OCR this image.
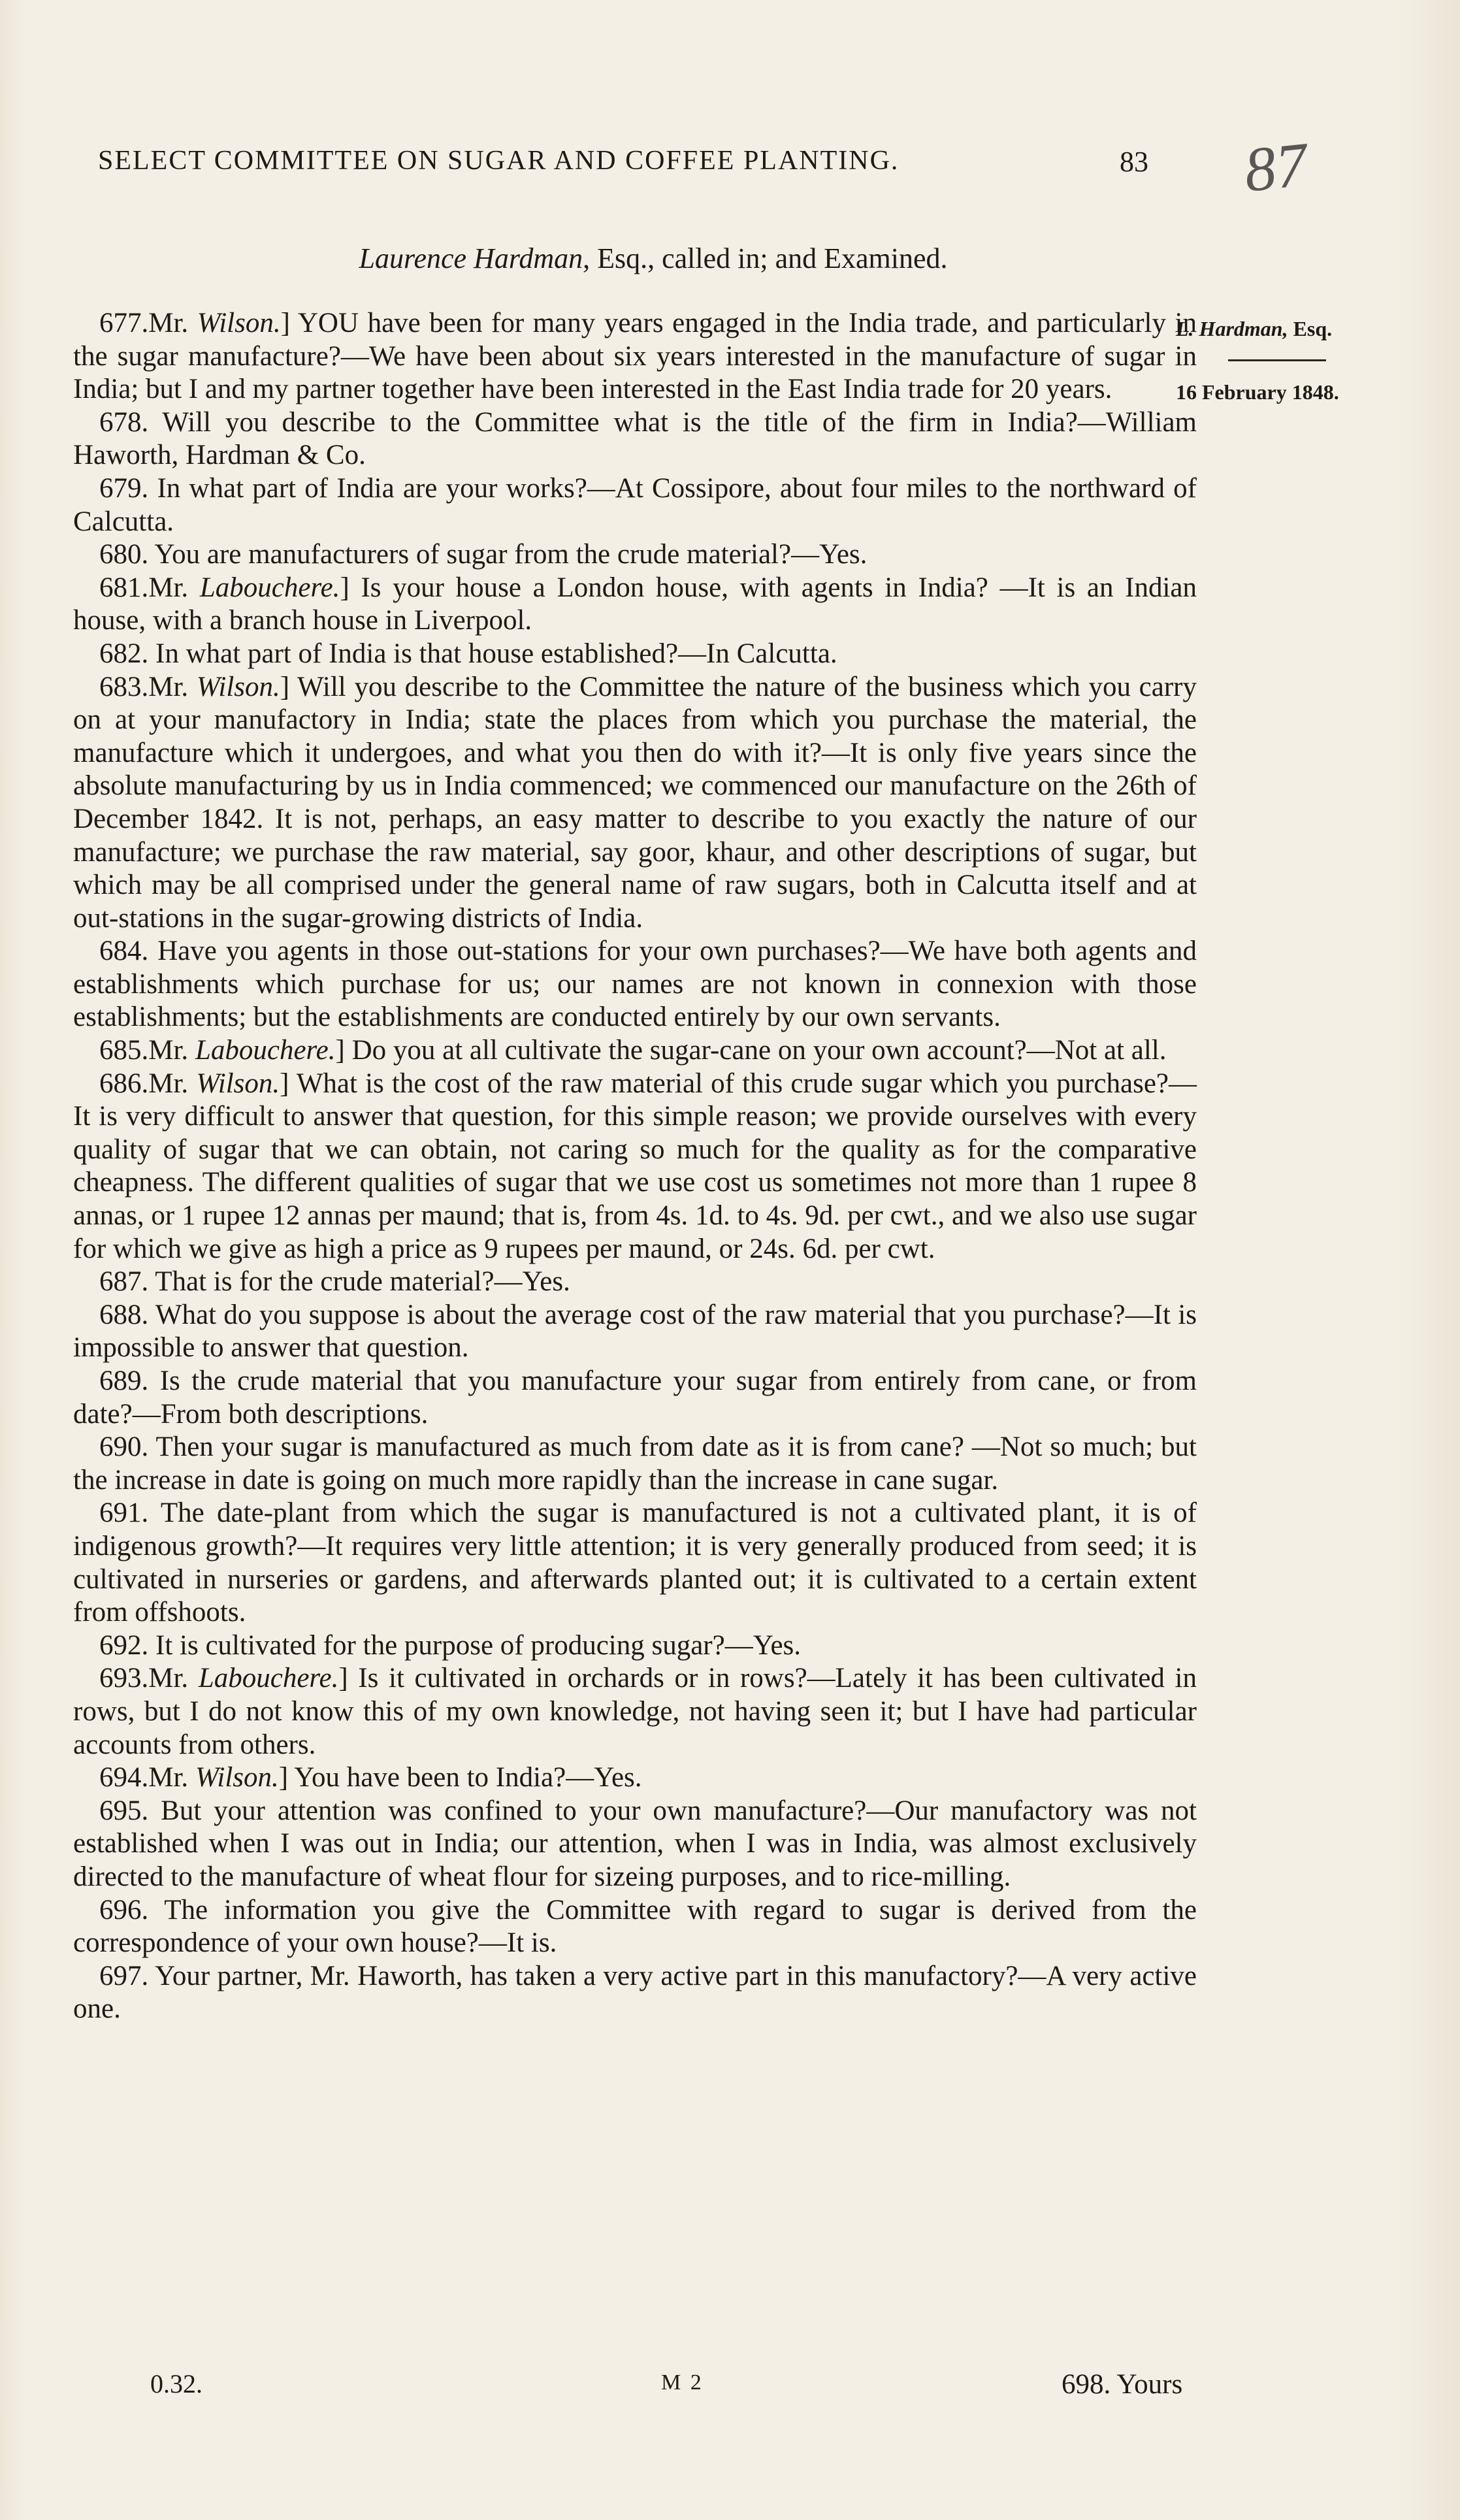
SELECT COMMITTEE ON SUGAR AND COFFEE PLANTING.	83 87
Laurence Hardman, Esq., called in; and Examined.
L. Hardman, Esq.
16 February 1848.

677.Mr. Wilson.] YOU have been for many years engaged in the India trade, and particularly in the sugar manufacture?—We have been about six years interested in the manufacture of sugar in India; but I and my partner together have been interested in the East India trade for 20 years.

678. Will you describe to the Committee what is the title of the firm in India?—William Haworth, Hardman & Co.

679. In what part of India are your works?—At Cossipore, about four miles to the northward of Calcutta.

680. You are manufacturers of sugar from the crude material?—Yes.

681.Mr. Labouchere.] Is your house a London house, with agents in India? —It is an Indian house, with a branch house in Liverpool.

682. In what part of India is that house established?—In Calcutta.

683.Mr. Wilson.] Will you describe to the Committee the nature of the business which you carry on at your manufactory in India; state the places from which you purchase the material, the manufacture which it undergoes, and what you then do with it?—It is only five years since the absolute manufacturing by us in India commenced; we commenced our manufacture on the 26th of December 1842. It is not, perhaps, an easy matter to describe to you exactly the nature of our manufacture; we purchase the raw material, say goor, khaur, and other descriptions of sugar, but which may be all comprised under the general name of raw sugars, both in Calcutta itself and at out-stations in the sugar-growing districts of India.

684. Have you agents in those out-stations for your own purchases?—We have both agents and establishments which purchase for us; our names are not known in connexion with those establishments; but the establishments are conducted entirely by our own servants.

685.Mr. Labouchere.] Do you at all cultivate the sugar-cane on your own account?—Not at all.

686.Mr. Wilson.] What is the cost of the raw material of this crude sugar which you purchase?—It is very difficult to answer that question, for this simple reason; we provide ourselves with every quality of sugar that we can obtain, not caring so much for the quality as for the comparative cheapness. The different qualities of sugar that we use cost us sometimes not more than 1 rupee 8 annas, or 1 rupee 12 annas per maund; that is, from 4s. 1d. to 4s. 9d. per cwt., and we also use sugar for which we give as high a price as 9 rupees per maund, or 24s. 6d. per cwt.

687. That is for the crude material?—Yes.

688. What do you suppose is about the average cost of the raw material that you purchase?—It is impossible to answer that question.

689. Is the crude material that you manufacture your sugar from entirely from cane, or from date?—From both descriptions.

690. Then your sugar is manufactured as much from date as it is from cane? —Not so much; but the increase in date is going on much more rapidly than the increase in cane sugar.

691. The date-plant from which the sugar is manufactured is not a cultivated plant, it is of indigenous growth?—It requires very little attention; it is very generally produced from seed; it is cultivated in nurseries or gardens, and afterwards planted out; it is cultivated to a certain extent from offshoots.

692. It is cultivated for the purpose of producing sugar?—Yes.

693.Mr. Labouchere.] Is it cultivated in orchards or in rows?—Lately it has been cultivated in rows, but I do not know this of my own knowledge, not having seen it; but I have had particular accounts from others.

694.Mr. Wilson.] You have been to India?—Yes.

695. But your attention was confined to your own manufacture?—Our manufactory was not established when I was out in India; our attention, when I was in India, was almost exclusively directed to the manufacture of wheat flour for sizeing purposes, and to rice-milling.

696. The information you give the Committee with regard to sugar is derived from the correspondence of your own house?—It is.

697. Your partner, Mr. Haworth, has taken a very active part in this manufactory?—A very active one.

0.32.	M 2	698. Yours
